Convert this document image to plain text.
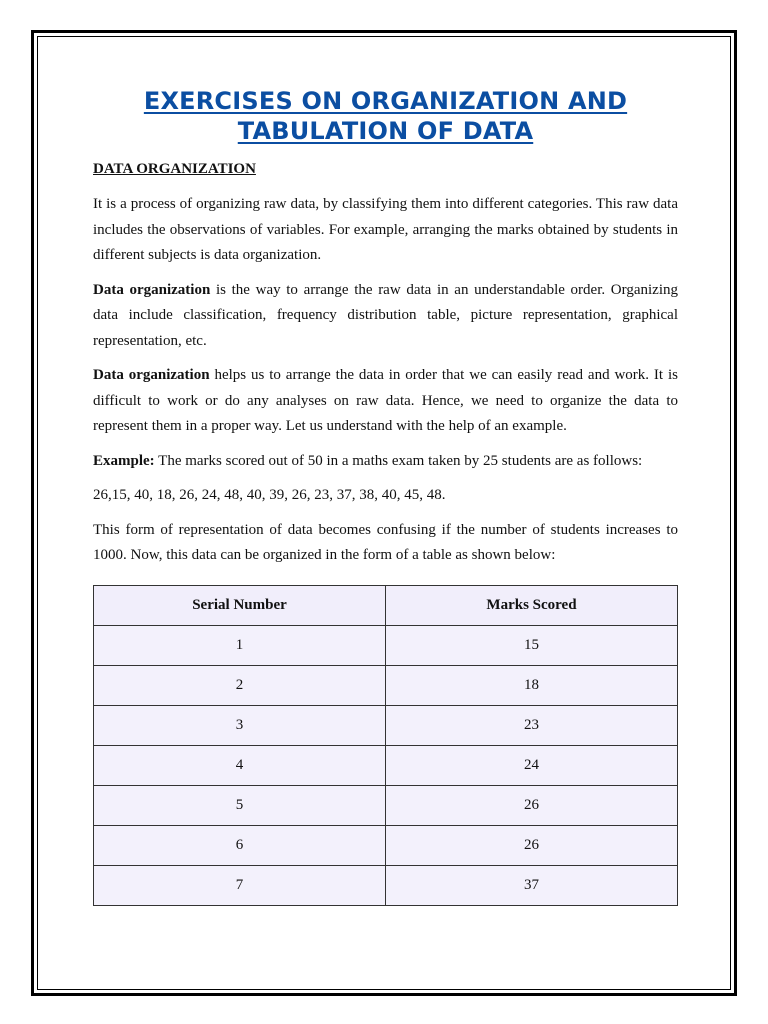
EXERCISES ON ORGANIZATION AND
TABULATION OF DATA
DATA ORGANIZATION

It is a process of organizing raw data, by classifying them into different categories. This raw data includes the observations of variables. For example, arranging the marks obtained by students in different subjects is data organization.

Data organization is the way to arrange the raw data in an understandable order. Organizing data include classification, frequency distribution table, picture representation, graphical representation, etc.

Data organization helps us to arrange the data in order that we can easily read and work. It is difficult to work or do any analyses on raw data. Hence, we need to organize the data to represent them in a proper way. Let us understand with the help of an example.

Example: The marks scored out of 50 in a maths exam taken by 25 students are as follows:

26,15, 40, 18, 26, 24, 48, 40, 39, 26, 23, 37, 38, 40, 45, 48.

This form of representation of data becomes confusing if the number of students increases to 1000. Now, this data can be organized in the form of a table as shown below:

Serial Number	Marks Scored
1	15
2	18
3	23
4	24
5	26
6	26
7	37
